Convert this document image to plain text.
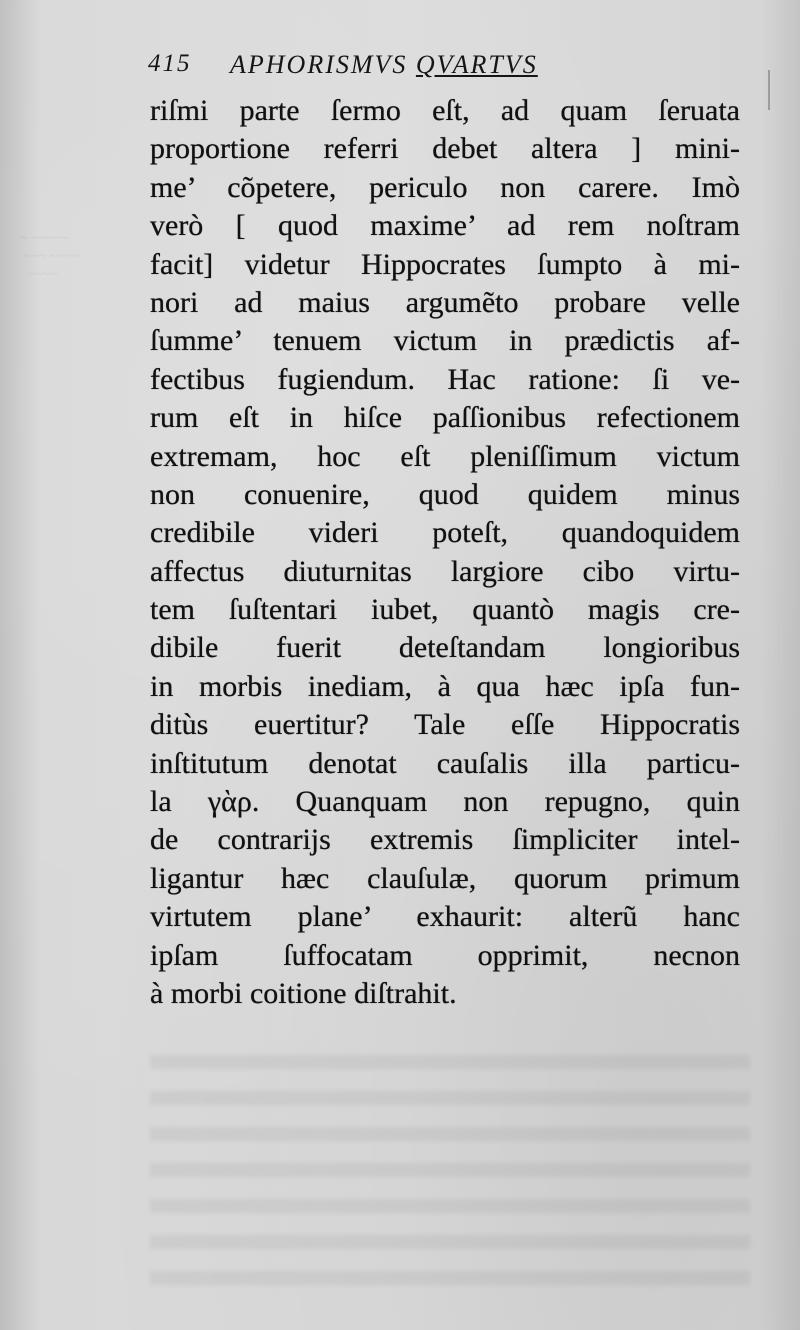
~ ~~~~~
~~~ ~~~~
~~~~
415 APHORISMVS QVARTVS
riſmi parte ſermo eſt, ad quam ſeruata
proportione referri debet altera ] mini-
me’ cõpetere, periculo non carere. Imò
verò [ quod maxime’ ad rem noſtram
facit] videtur Hippocrates ſumpto à mi-
nori ad maius argumẽto probare velle
ſumme’ tenuem victum in prædictis af-
fectibus fugiendum. Hac ratione: ſi ve-
rum eſt in hiſce paſſionibus refectionem
extremam, hoc eſt pleniſſimum victum
non conuenire, quod quidem minus
credibile videri poteſt, quandoquidem
affectus diuturnitas largiore cibo virtu-
tem ſuſtentari iubet, quantò magis cre-
dibile fuerit deteſtandam longioribus
in morbis inediam, à qua hæc ipſa fun-
ditùs euertitur? Tale eſſe Hippocratis
inſtitutum denotat cauſalis illa particu-
la γὰρ. Quanquam non repugno, quin
de contrarijs extremis ſimpliciter intel-
ligantur hæc clauſulæ, quorum primum
virtutem plane’ exhaurit: alterũ hanc
ipſam ſuffocatam opprimit, necnon
à morbi coitione diſtrahit.
